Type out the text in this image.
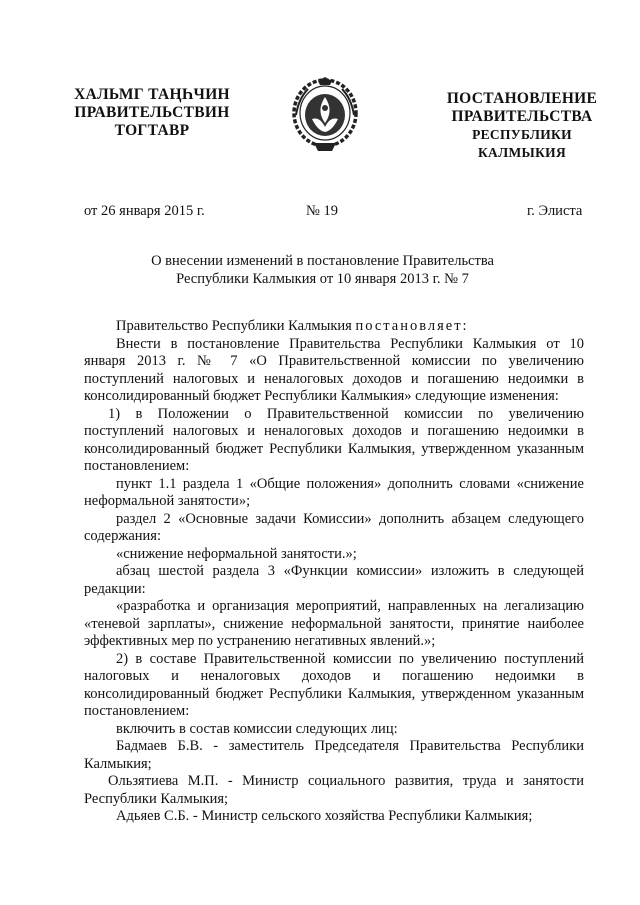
ХАЛЬМГ ТАҢҺЧИН
ПРАВИТЕЛЬСТВИН
ТОГТАВР
ПОСТАНОВЛЕНИЕ
ПРАВИТЕЛЬСТВА
РЕСПУБЛИКИ КАЛМЫКИЯ
от 26 января 2015 г.	№ 19	г. Элиста
О внесении изменений в постановление Правительства
Республики Калмыкия от 10 января 2013 г. № 7

Правительство Республики Калмыкия постановляет:

Внести в постановление Правительства Республики Калмыкия от 10 января 2013 г. № 7 «О Правительственной комиссии по увеличению поступлений налоговых и неналоговых доходов и погашению недоимки в консолидированный бюджет Республики Калмыкия» следующие изменения:

1) в Положении о Правительственной комиссии по увеличению поступлений налоговых и неналоговых доходов и погашению недоимки в консолидированный бюджет Республики Калмыкия, утвержденном указанным постановлением:

пункт 1.1 раздела 1 «Общие положения» дополнить словами «снижение неформальной занятости»;

раздел 2 «Основные задачи Комиссии» дополнить абзацем следующего содержания:

«снижение неформальной занятости.»;

абзац шестой раздела 3 «Функции комиссии» изложить в следующей редакции:

«разработка и организация мероприятий, направленных на легализацию «теневой зарплаты», снижение неформальной занятости, принятие наиболее эффективных мер по устранению негативных явлений.»;

2) в составе Правительственной комиссии по увеличению поступлений налоговых и неналоговых доходов и погашению недоимки в консолидированный бюджет Республики Калмыкия, утвержденном указанным постановлением:

включить в состав комиссии следующих лиц:

Бадмаев Б.В. - заместитель Председателя Правительства Республики Калмыкия;

Ользятиева М.П. - Министр социального развития, труда и занятости Республики Калмыкия;

Адьяев С.Б. - Министр сельского хозяйства Республики Калмыкия;
